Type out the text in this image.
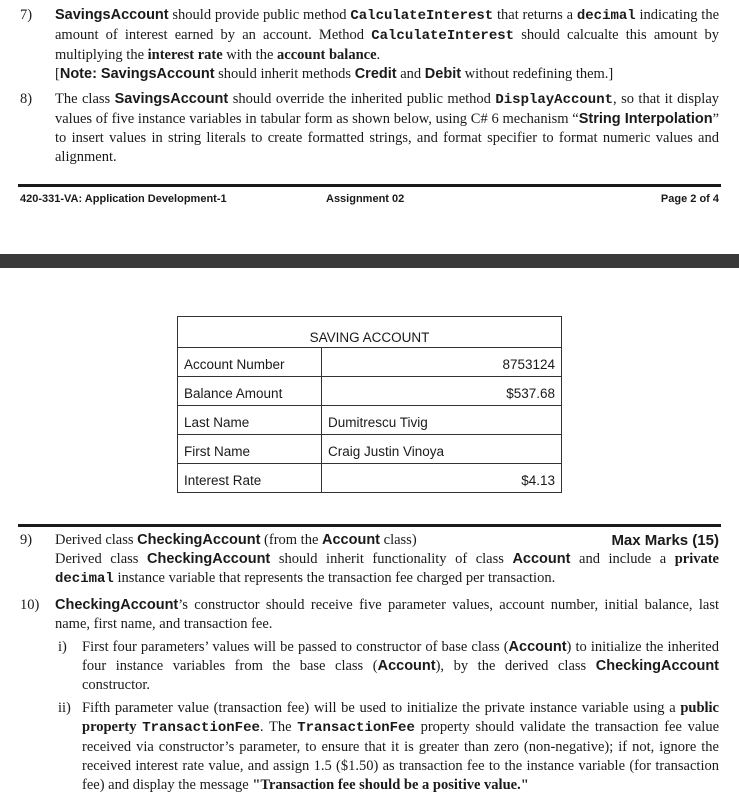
7) SavingsAccount should provide public method CalculateInterest that returns a decimal indicating the amount of interest earned by an account. Method CalculateInterest should calcualte this amount by multiplying the interest rate with the account balance.

[Note: SavingsAccount should inherit methods Credit and Debit without redefining them.]

8) The class SavingsAccount should override the inherited public method DisplayAccount, so that it display values of five instance variables in tabular form as shown below, using C# 6 mechanism “String Interpolation” to insert values in string literals to create formatted strings, and format specifier to format numeric values and alignment.

420-331-VA: Application Development-1	Assignment 02	Page 2 of 4
SAVING ACCOUNT	
Account Number	8753124
Balance Amount	$537.68
Last Name	Dumitrescu Tivig
First Name	Craig Justin Vinoya
Interest Rate	$4.13
9) Derived class CheckingAccount (from the Account class)	Max Marks (15)

Derived class CheckingAccount should inherit functionality of class Account and include a private decimal instance variable that represents the transaction fee charged per transaction.

10) CheckingAccount’s constructor should receive five parameter values, account number, initial balance, last name, first name, and transaction fee.

i) First four parameters’ values will be passed to constructor of base class (Account) to initialize the inherited four instance variables from the base class (Account), by the derived class CheckingAccount constructor.
ii) Fifth parameter value (transaction fee) will be used to initialize the private instance variable using a public property TransactionFee. The TransactionFee property should validate the transaction fee value received via constructor’s parameter, to ensure that it is greater than zero (non-negative); if not, ignore the received interest rate value, and assign 1.5 ($1.50) as transaction fee to the instance variable (for transaction fee) and display the message "Transaction fee should be a positive value."
